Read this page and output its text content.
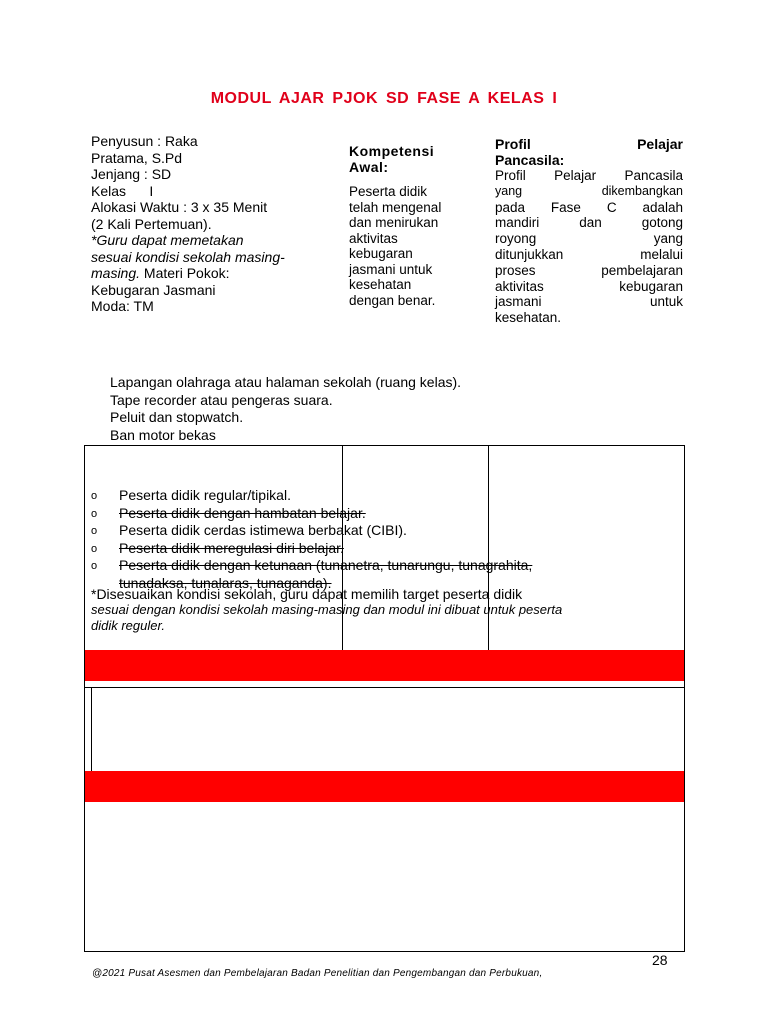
MODUL AJAR PJOK SD FASE A KELAS I
Penyusun : Raka
Pratama, S.Pd
Jenjang : SD
Kelas      I
Alokasi Waktu : 3 x 35 Menit
(2 Kali Pertemuan).
*Guru dapat memetakan
sesuai kondisi sekolah masing-
masing. Materi Pokok:
Kebugaran Jasmani
Moda: TM
Kompetensi
Awal:
Peserta didik
telah mengenal
dan menirukan
aktivitas
kebugaran
jasmani untuk
kesehatan
dengan benar.
Profil Pelajar
Pancasila:
Profil Pelajar Pancasila
yang dikembangkan
pada Fase C adalah
mandiri dan gotong
royong yang
ditunjukkan melalui
proses pembelajaran
aktivitas kebugaran
jasmani untuk
kesehatan.
Lapangan olahraga atau halaman sekolah (ruang kelas).
Tape recorder atau pengeras suara.
Peluit dan stopwatch.
Ban motor bekas
o Peserta didik regular/tipikal.
o Peserta didik dengan hambatan belajar.
o Peserta didik cerdas istimewa berbakat (CIBI).
o Peserta didik meregulasi diri belajar.
o Peserta didik dengan ketunaan (tunanetra, tunarungu, tunagrahita,
tunadaksa, tunalaras, tunaganda).
*Disesuaikan kondisi sekolah, guru dapat memilih target peserta didik
sesuai dengan kondisi sekolah masing-masing dan modul ini dibuat untuk peserta
didik reguler.
28
@2021 Pusat Asesmen dan Pembelajaran Badan Penelitian dan Pengembangan dan Perbukuan,
